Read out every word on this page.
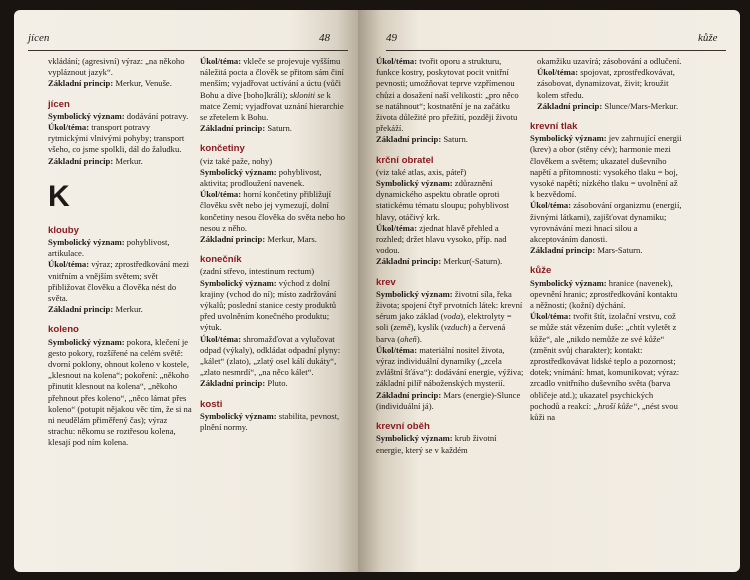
jícen	48

vkládání; (agresivní) výraz: „na někoho vypláznout jazyk“.

Základní princip: Merkur, Venuše.

jícen

Symbolický význam: dodávání potravy.

Úkol/téma: transport potravy rytmickými vlnivými pohyby; transport všeho, co jsme spolkli, dál do žaludku.

Základní princip: Merkur.

K
klouby

Symbolický význam: pohyblivost, artikulace.

Úkol/téma: výraz; zprostředkování mezi vnitřním a vnějším světem; svět přibližovat člověku a člověka nést do světa.

Základní princip: Merkur.

koleno

Symbolický význam: pokora, klečení je gesto pokory, rozšířené na celém světě: dvorní poklony, ohnout koleno v kostele, „klesnout na kolena“; pokoření: „někoho přinutit klesnout na kolena“, „někoho přehnout přes koleno“, „něco lámat přes koleno“ (potupit nějakou věc tím, že si na ni neudělám přiměřený čas); výraz strachu: někomu se roztřesou kolena, klesají pod ním kolena.

Úkol/téma: vkleče se projevuje vyššímu náležitá pocta a člověk se přitom sám činí menším; vyjadřovat uctívání a úctu (vůči Bohu a díve [boho]králi); skloniti se k matce Zemi; vyjadřovat uznání hierarchie se zřetelem k Bohu.

Základní princip: Saturn.

končetiny

(viz také paže, nohy)

Symbolický význam: pohyblivost, aktivita; prodloužení navenek.

Úkol/téma: horní končetiny přibližují člověku svět nebo jej vymezují, dolní končetiny nesou člověka do světa nebo ho nesou z něho.

Základní princip: Merkur, Mars.

konečník

(zadní střevo, intestinum rectum)

Symbolický význam: východ z dolní krajiny (vchod do ní); místo zadržování výkalů; poslední stanice cesty produktů před uvolněním konečného produktu; výtuk.

Úkol/téma: shromažďovat a vylučovat odpad (výkaly), odkládat odpadní plyny: „kálet“ (zlato), „zlatý osel kálí dukáty“, „zlato nesmrdí“, „na něco kálet“.

Základní princip: Pluto.

kosti

Symbolický význam: stabilita, pevnost, plnění normy.

49	kůže

Úkol/téma: tvořit oporu a strukturu, funkce kostry, poskytovat pocit vnitřní pevnosti; umožňovat teprve vzpřímenou chůzi a dosažení naší velikosti: „pro něco se natáhnout“; kostnatění je na začátku života důležité pro přežití, později životu překáží.

Základní princip: Saturn.

krční obratel

(viz také atlas, axis, páteř)

Symbolický význam: zdůraznění dynamického aspektu obratle oproti statickému tématu sloupu; pohyblivost hlavy, otáčivý krk.

Úkol/téma: zjednat hlavě přehled a rozhled; držet hlavu vysoko, příp. nad vodou.

Základní princip: Merkur(-Saturn).

krev

Symbolický význam: životní síla, řeka života; spojení čtyř prvotních látek: krevní sérum jako základ (voda), elektrolyty = soli (země), kyslík (vzduch) a červená barva (oheň).

Úkol/téma: materiální nositel života, výraz individuální dynamiky („zcela zvláštní šťáva“): dodávání energie, výživa; základní pilíř náboženských mysterií.

Základní princip: Mars (energie)-Slunce (individuální já).

krevní oběh

Symbolický význam: krub životní energie, který se v každém

okamžiku uzavírá; zásobování a odlučení.

Úkol/téma: spojovat, zprostředkovávat, zásobovat, dynamizovat, živit; kroužit kolem středu.

Základní princip: Slunce/Mars-Merkur.

krevní tlak

Symbolický význam: jev zahrnující energii (krev) a obor (stěny cév); harmonie mezi člověkem a světem; ukazatel duševního napětí a přítomnosti: vysokého tlaku = boj, vysoké napětí; nízkého tlaku = uvolnění až k bezvědomí.

Úkol/téma: zásobování organizmu (energií, živnými látkami), zajišťovat dynamiku; vyrovnávání mezi hnací silou a akceptováním danosti.

Základní princip: Mars-Saturn.

kůže

Symbolický význam: hranice (navenek), opevnění hranic; zprostředkování kontaktu a něžnosti; (kožní) dýchání.

Úkol/téma: tvořit štít, izolační vrstvu, což se může stát vězením duše: „chtít vyletět z kůže“, ale „nikdo nemůže ze své kůže“ (změnit svůj charakter); kontakt: zprostředkovávat lidské teplo a pozornost; dotek; vnímání: hmat, komunikovat; výraz: zrcadlo vnitřního duševního světa (barva obličeje atd.); ukazatel psychických pochodů a reakcí: „hroší kůže“, „nést svou kůži na
